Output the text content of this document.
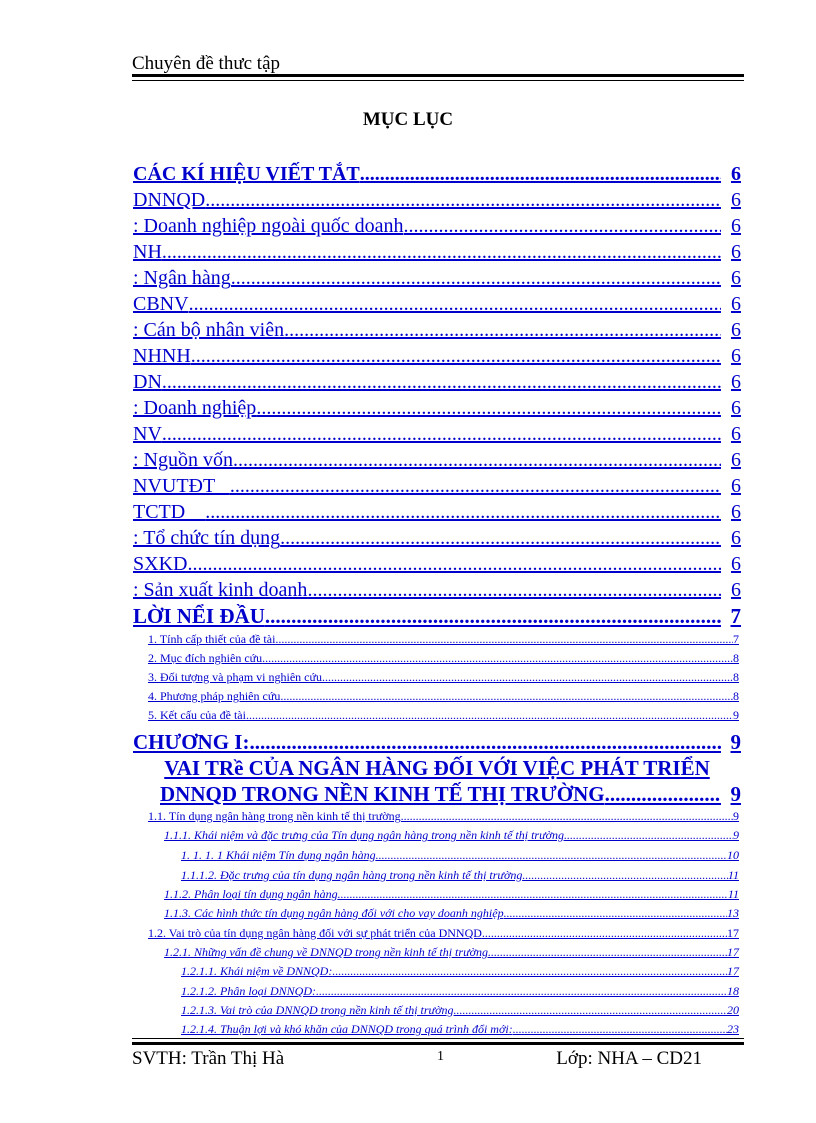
Chuyên đề thưc tập
MỤC LỤC
CÁC KÍ HIỆU VIẾT TẮT .....	6
DNNQD .....	6
: Doanh nghiệp ngoài quốc doanh .....	6
NH .....	6
: Ngân hàng .....	6
CBNV .....	6
: Cán bộ nhân viên .....	6
NHNH .....	6
DN .....	6
: Doanh nghiệp .....	6
NV .....	6
: Nguồn vốn .....	6
NVUTĐT .....	6
TCTD .....	6
: Tổ chức tín dụng .....	6
SXKD .....	6
: Sản xuất kinh doanh .....	6
LỜI NỂI ĐẦU .....	7
1. Tính cấp thiết của đề tài .....	7
2. Mục đích nghiên cứu .....	8
3. Đối tượng và phạm vi nghiên cứu .....	8
4. Phương pháp nghiên cứu .....	8
5. Kết cấu của đề tài .....	9
CHƯƠNG I: .....	9
VAI TRề CỦA NGÂN HÀNG ĐỐI VỚI VIỆC PHÁT TRIỂN
DNNQD TRONG NỀN KINH TẾ THỊ TRƯỜNG .....	9
1.1. Tín dụng ngân hàng trong nền kinh tế thị trường .....	9
1.1.1. Khái niệm và đặc trưng của Tín dụng ngân hàng trong nền kinh tế thị trường .....	9
1. 1. 1. 1 Khái niệm Tín dụng ngân hàng .....	10
1.1.1.2. Đặc trưng của tín dụng ngân hàng trong nền kinh tế thị trường .....	11
1.1.2. Phân loại tín dụng ngân hàng .....	11
1.1.3. Các hình thức tín dụng ngân hàng đối với cho vay doanh nghiệp .....	13
1.2. Vai trò của tín dụng ngân hàng đối với sự phát triển của DNNQD .....	17
1.2.1. Những vấn đề chung về DNNQD trong nền kinh tế thị trường .....	17
1.2.1.1. Khái niệm về DNNQD: .....	17
1.2.1.2. Phân loại DNNQD: .....	18
1.2.1.3. Vai trò của DNNQD trong nền kinh tế thị trường .....	20
1.2.1.4. Thuận lợi và khó khăn của DNNQD trong quá trình đổi mới: .....	23
SVTH: Trần Thị Hà	1	Lớp: NHA – CD21
